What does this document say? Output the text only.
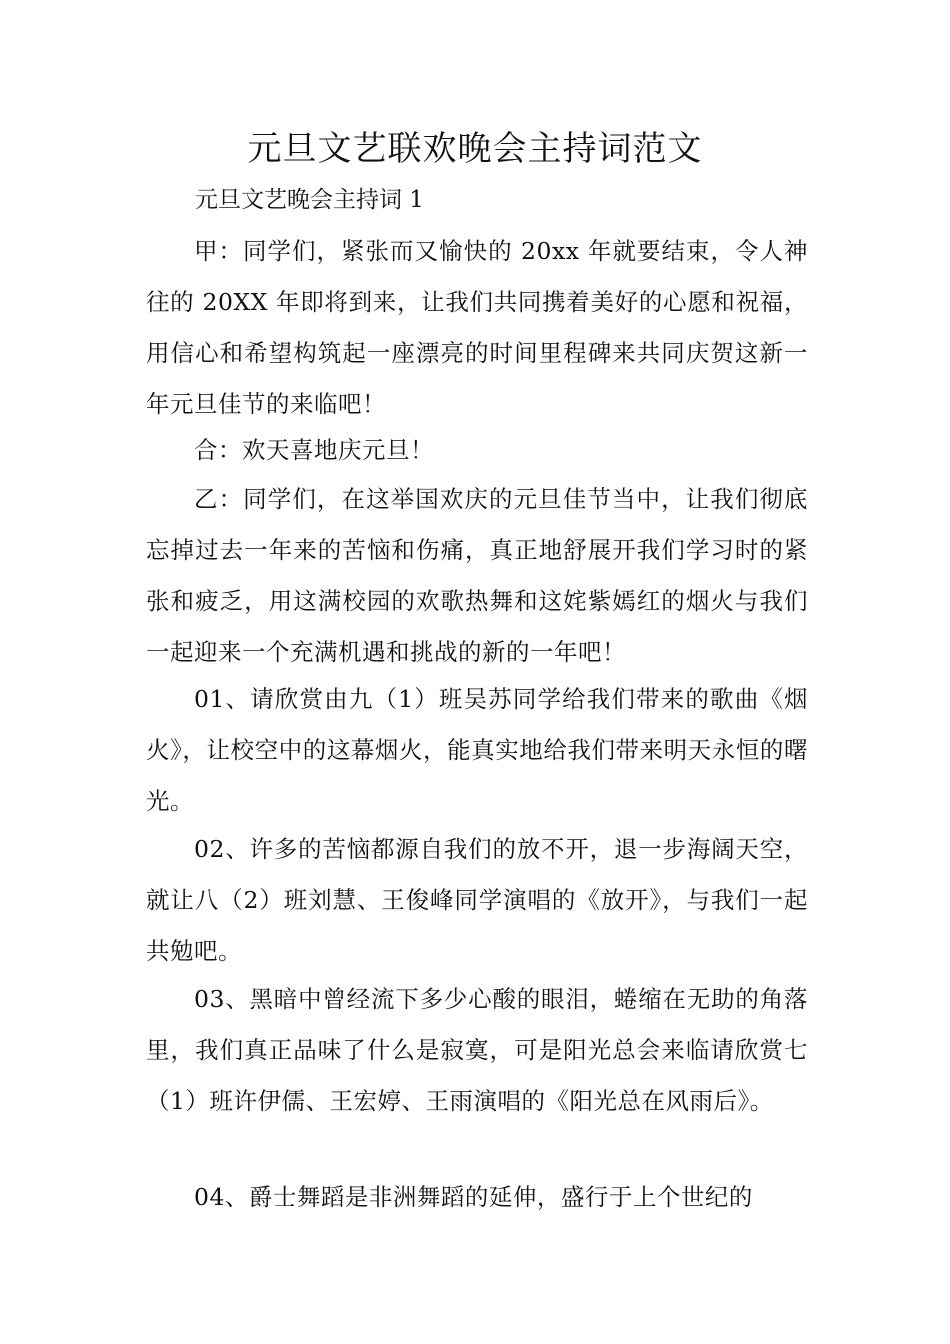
元旦文艺联欢晚会主持词范文
元旦文艺晚会主持词 1

甲：同学们，紧张而又愉快的 20xx 年就要结束，令人神往的 20XX 年即将到来，让我们共同携着美好的心愿和祝福，用信心和希望构筑起一座漂亮的时间里程碑来共同庆贺这新一年元旦佳节的来临吧！

合：欢天喜地庆元旦！

乙：同学们，在这举国欢庆的元旦佳节当中，让我们彻底忘掉过去一年来的苦恼和伤痛，真正地舒展开我们学习时的紧张和疲乏，用这满校园的欢歌热舞和这姹紫嫣红的烟火与我们一起迎来一个充满机遇和挑战的新的一年吧！

01、请欣赏由九（1）班吴苏同学给我们带来的歌曲《烟火》，让校空中的这幕烟火，能真实地给我们带来明天永恒的曙光。

02、许多的苦恼都源自我们的放不开，退一步海阔天空，就让八（2）班刘慧、王俊峰同学演唱的《放开》，与我们一起共勉吧。

03、黑暗中曾经流下多少心酸的眼泪，蜷缩在无助的角落里，我们真正品味了什么是寂寞，可是阳光总会来临请欣赏七（1）班许伊儒、王宏婷、王雨演唱的《阳光总在风雨后》。

04、爵士舞蹈是非洲舞蹈的延伸，盛行于上个世纪的
